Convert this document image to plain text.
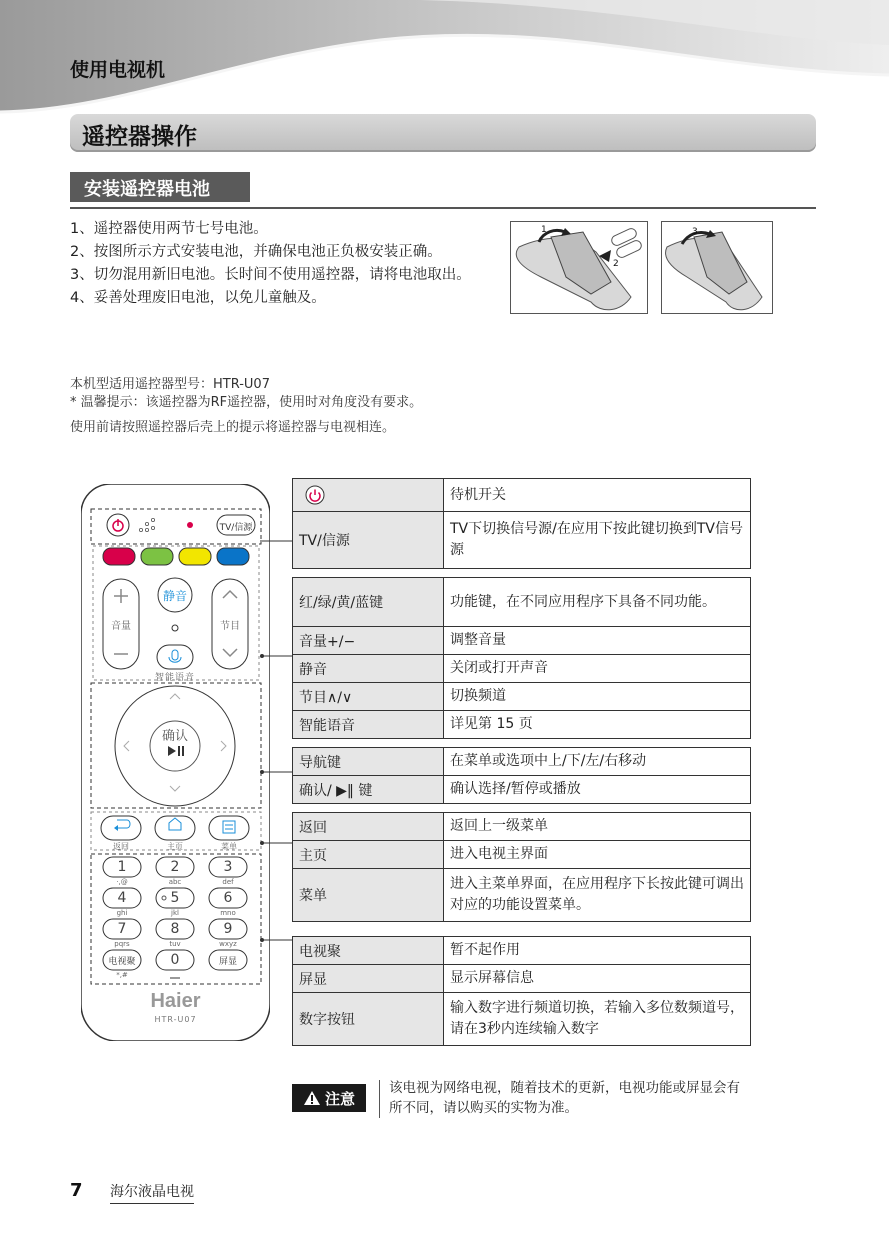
使用电视机
遥控器操作
安装遥控器电池
1、遥控器使用两节七号电池。
2、按图所示方式安装电池，并确保电池正负极安装正确。
3、切勿混用新旧电池。长时间不使用遥控器，请将电池取出。
4、妥善处理废旧电池，以免儿童触及。
1
2
3
本机型适用遥控器型号：HTR-U07
* 温馨提示：该遥控器为RF遥控器，使用时对角度没有要求。
使用前请按照遥控器后壳上的提示将遥控器与电视相连。
TV/信源
音量
静音
节目
智能语音
确认
返回	主页	菜单
1	2	3
·,@	abc	def
4	5	6
ghi	jkl	mno
7	8	9
pqrs	tuv	wxyz
电视聚	0	屏显
*,#
Haier
HTR-U07
	待机开关
TV/信源	TV下切换信号源/在应用下按此键切换到TV信号源
红/绿/黄/蓝键	功能键，在不同应用程序下具备不同功能。
音量+/−	调整音量
静音	关闭或打开声音
节目∧/∨	切换频道
智能语音	详见第 15 页
导航键	在菜单或选项中上/下/左/右移动
确认/ ▶‖ 键	确认选择/暂停或播放
返回	返回上一级菜单
主页	进入电视主界面
菜单	进入主菜单界面，在应用程序下长按此键可调出对应的功能设置菜单。
电视聚	暂不起作用
屏显	显示屏幕信息
数字按钮	输入数字进行频道切换，若输入多位数频道号，请在3秒内连续输入数字
注意
该电视为网络电视，随着技术的更新，电视功能或屏显会有所不同，请以购买的实物为准。
7 海尔液晶电视
